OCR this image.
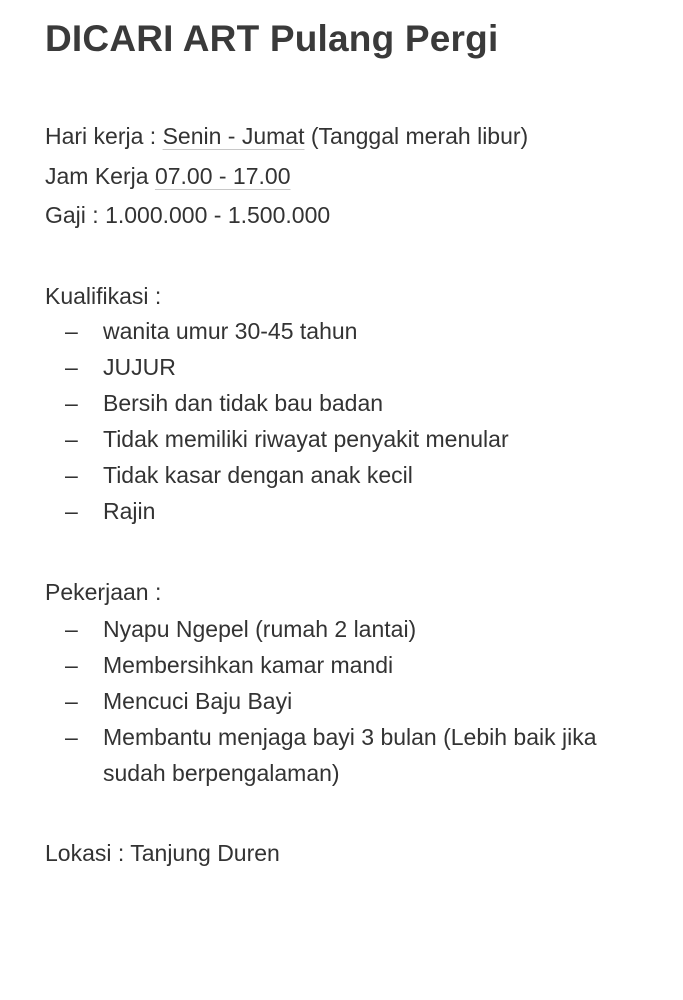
DICARI ART Pulang Pergi
Hari kerja : Senin - Jumat (Tanggal merah libur)
Jam Kerja 07.00 - 17.00
Gaji : 1.000.000 - 1.500.000
Kualifikasi :
– wanita umur 30-45 tahun
– JUJUR
– Bersih dan tidak bau badan
– Tidak memiliki riwayat penyakit menular
– Tidak kasar dengan anak kecil
– Rajin
Pekerjaan :
– Nyapu Ngepel (rumah 2 lantai)
– Membersihkan kamar mandi
– Mencuci Baju Bayi
– Membantu menjaga bayi 3 bulan (Lebih baik jika sudah berpengalaman)
Lokasi : Tanjung Duren
